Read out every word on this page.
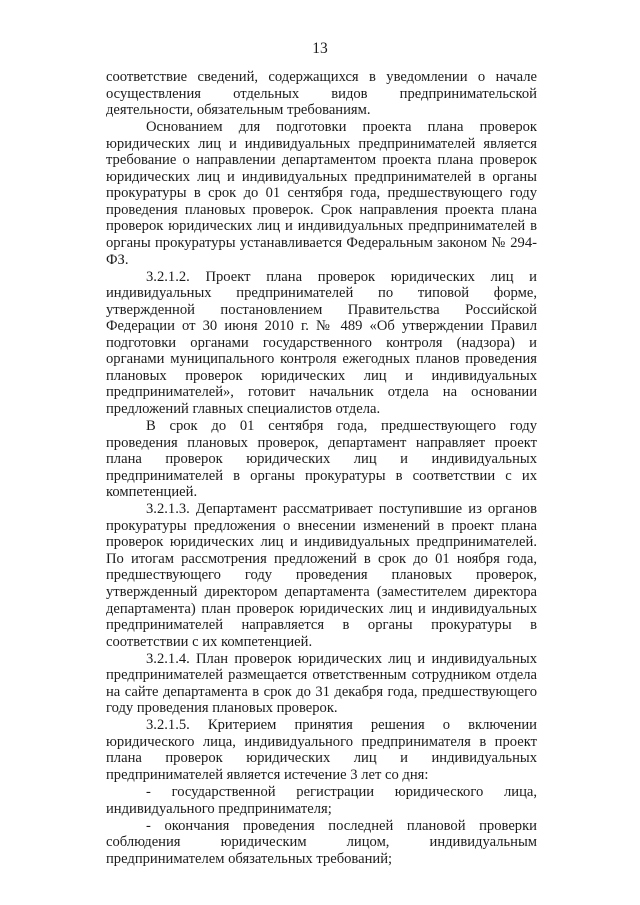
13

соответствие сведений, содержащихся в уведомлении о начале осуществления отдельных видов предпринимательской деятельности, обязательным требованиям.

Основанием для подготовки проекта плана проверок юридических лиц и индивидуальных предпринимателей является требование о направлении департаментом проекта плана проверок юридических лиц и индивидуальных предпринимателей в органы прокуратуры в срок до 01 сентября года, предшествующего году проведения плановых проверок. Срок направления проекта плана проверок юридических лиц и индивидуальных предпринимателей в органы прокуратуры устанавливается Федеральным законом № 294-ФЗ.

3.2.1.2. Проект плана проверок юридических лиц и индивидуальных предпринимателей по типовой форме, утвержденной постановлением Правительства Российской Федерации от 30 июня 2010 г. № 489 «Об утверждении Правил подготовки органами государственного контроля (надзора) и органами муниципального контроля ежегодных планов проведения плановых проверок юридических лиц и индивидуальных предпринимателей», готовит начальник отдела на основании предложений главных специалистов отдела.

В срок до 01 сентября года, предшествующего году проведения плановых проверок, департамент направляет проект плана проверок юридических лиц и индивидуальных предпринимателей в органы прокуратуры в соответствии с их компетенцией.

3.2.1.3. Департамент рассматривает поступившие из органов прокуратуры предложения о внесении изменений в проект плана проверок юридических лиц и индивидуальных предпринимателей. По итогам рассмотрения предложений в срок до 01 ноября года, предшествующего году проведения плановых проверок, утвержденный директором департамента (заместителем директора департамента) план проверок юридических лиц и индивидуальных предпринимателей направляется в органы прокуратуры в соответствии с их компетенцией.

3.2.1.4. План проверок юридических лиц и индивидуальных предпринимателей размещается ответственным сотрудником отдела на сайте департамента в срок до 31 декабря года, предшествующего году проведения плановых проверок.

3.2.1.5. Критерием принятия решения о включении юридического лица, индивидуального предпринимателя в проект плана проверок юридических лиц и индивидуальных предпринимателей является истечение 3 лет со дня:

- государственной регистрации юридического лица, индивидуального предпринимателя;

- окончания проведения последней плановой проверки соблюдения юридическим лицом, индивидуальным предпринимателем обязательных требований;
